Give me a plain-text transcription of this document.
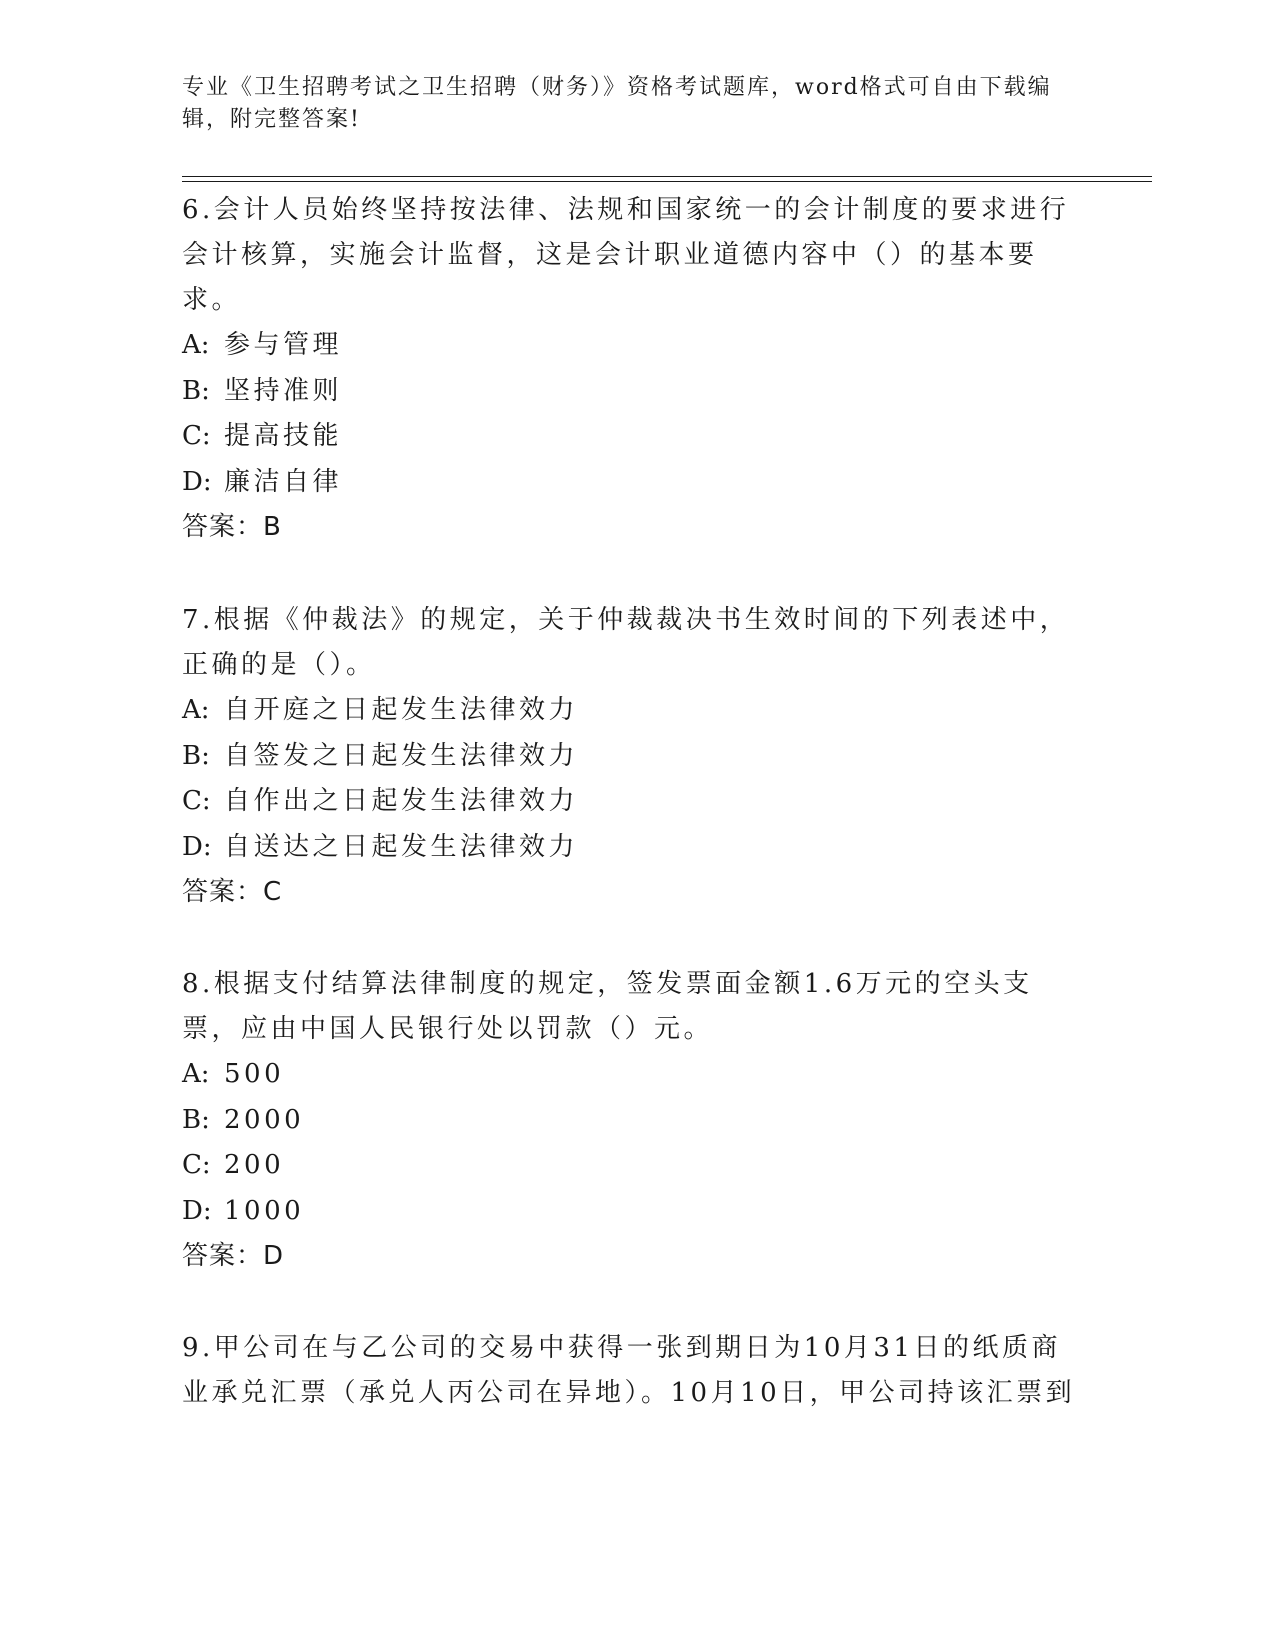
专业《卫生招聘考试之卫生招聘（财务）》资格考试题库，word格式可自由下载编辑，附完整答案!

6.会计人员始终坚持按法律、法规和国家统一的会计制度的要求进行会计核算，实施会计监督，这是会计职业道德内容中（）的基本要求。

A: 参与管理

B: 坚持准则

C: 提高技能

D: 廉洁自律

答案：B

7.根据《仲裁法》的规定，关于仲裁裁决书生效时间的下列表述中，正确的是（）。

A: 自开庭之日起发生法律效力

B: 自签发之日起发生法律效力

C: 自作出之日起发生法律效力

D: 自送达之日起发生法律效力

答案：C

8.根据支付结算法律制度的规定，签发票面金额1.6万元的空头支票，应由中国人民银行处以罚款（）元。

A: 500

B: 2000

C: 200

D: 1000

答案：D

9.甲公司在与乙公司的交易中获得一张到期日为10月31日的纸质商业承兑汇票（承兑人丙公司在异地）。10月10日，甲公司持该汇票到
